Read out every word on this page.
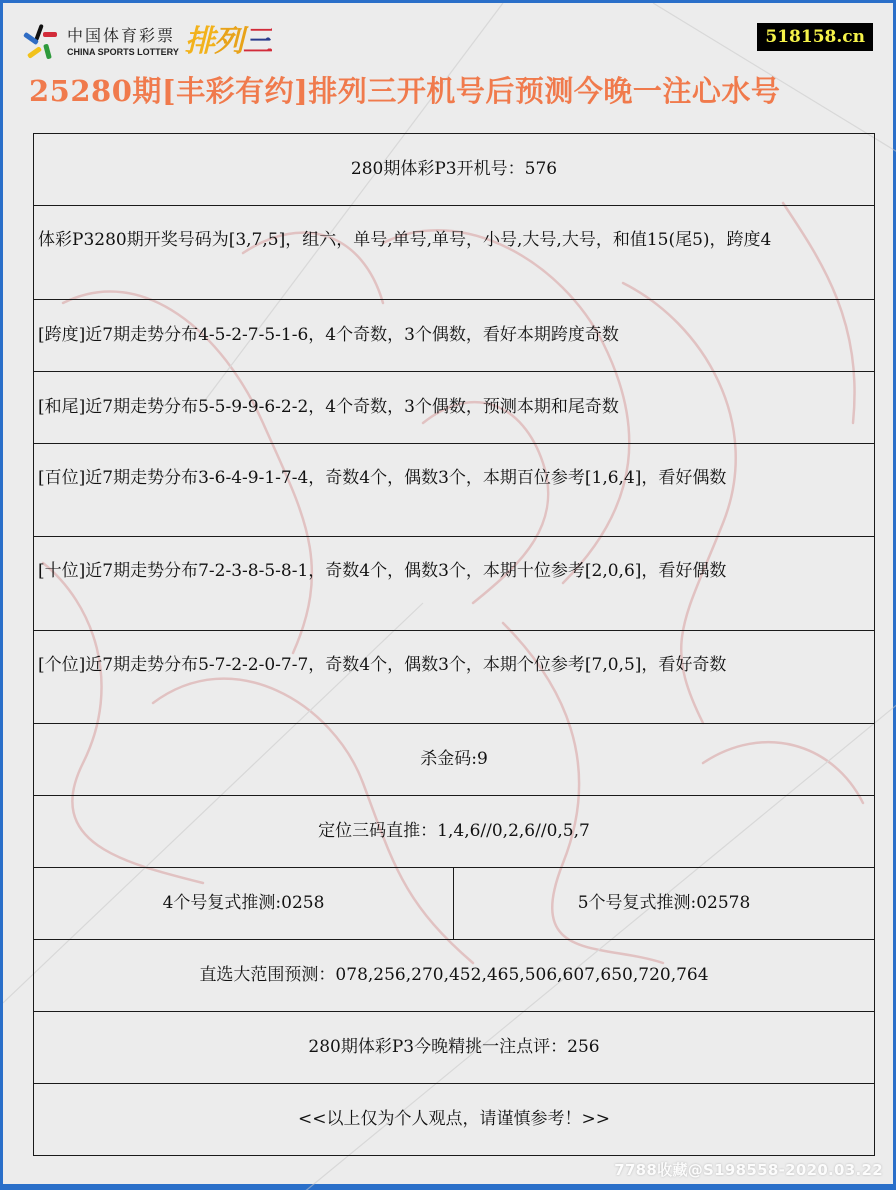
中国体育彩票
CHINA SPORTS LOTTERY 排列三	518158.cn
25280期[丰彩有约]排列三开机号后预测今晚一注心水号
280期体彩P3开机号：576
体彩P3280期开奖号码为[3,7,5]，组六，单号,单号,单号，小号,大号,大号，和值15(尾5)，跨度4
[跨度]近7期走势分布4-5-2-7-5-1-6，4个奇数，3个偶数，看好本期跨度奇数
[和尾]近7期走势分布5-5-9-9-6-2-2，4个奇数，3个偶数，预测本期和尾奇数
[百位]近7期走势分布3-6-4-9-1-7-4，奇数4个，偶数3个，本期百位参考[1,6,4]，看好偶数
[十位]近7期走势分布7-2-3-8-5-8-1，奇数4个，偶数3个，本期十位参考[2,0,6]，看好偶数
[个位]近7期走势分布5-7-2-2-0-7-7，奇数4个，偶数3个，本期个位参考[7,0,5]，看好奇数
杀金码:9
定位三码直推：1,4,6//0,2,6//0,5,7
4个号复式推测:0258	5个号复式推测:02578
直选大范围预测：078,256,270,452,465,506,607,650,720,764
280期体彩P3今晚精挑一注点评：256
<<以上仅为个人观点，请谨慎参考！>>
7788收藏@S198558-2020.03.22
